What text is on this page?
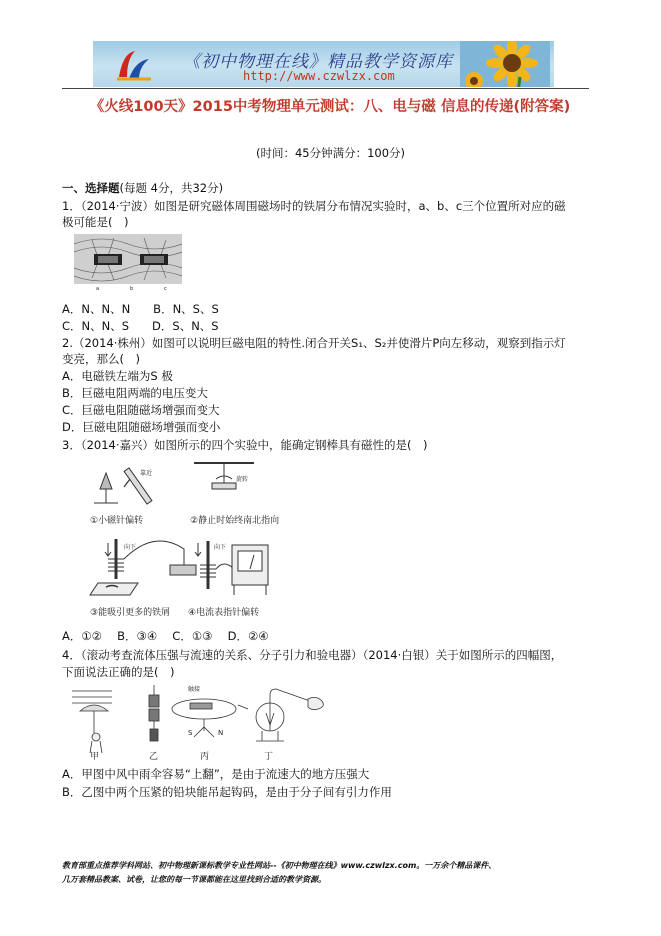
《初中物理在线》精品教学资源库
http://www.czwlzx.com
《火线100天》2015中考物理单元测试：八、电与磁 信息的传递(附答案)
(时间：45分钟满分：100分)
一、选择题(每题 4分，共32分)
1．（2014·宁波）如图是研究磁体周围磁场时的铁屑分布情况实验时，a、b、c三个位置所对应的磁
极可能是(　)
a	b	c
A．N、N、N　　B．N、S、S
C．N、N、S　　D．S、N、S
2.（2014·株州）如图可以说明巨磁电阻的特性.闭合开关S₁、S₂并使滑片P向左移动，观察到指示灯
变亮，那么(　)
A．电磁铁左端为S 极
B．巨磁电阻两端的电压变大
C．巨磁电阻随磁场增强而变大
D．巨磁电阻随磁场增强而变小
3．（2014·嘉兴）如图所示的四个实验中，能确定钢棒具有磁性的是(　)
靠近
①小磁针偏转
旋转
②静止时始终南北指向
向下
③能吸引更多的铁屑
向下
④电流表指针偏转
A．①②　 B．③④　 C．①③　 D．②④
4．（滚动考查流体压强与流速的关系、分子引力和验电器）（2014·白银）关于如图所示的四幅图，
下面说法正确的是(　)
甲	乙
触接
S	N
丙	丁
A．甲图中风中雨伞容易“上翻”，是由于流速大的地方压强大
B．乙图中两个压紧的铅块能吊起钩码，是由于分子间有引力作用
教育部重点推荐学科网站、初中物理新课标教学专业性网站--《初中物理在线》www.czwlzx.com。一万余个精品课件、
几万套精品教案、试卷，让您的每一节课都能在这里找到合适的教学资源。
